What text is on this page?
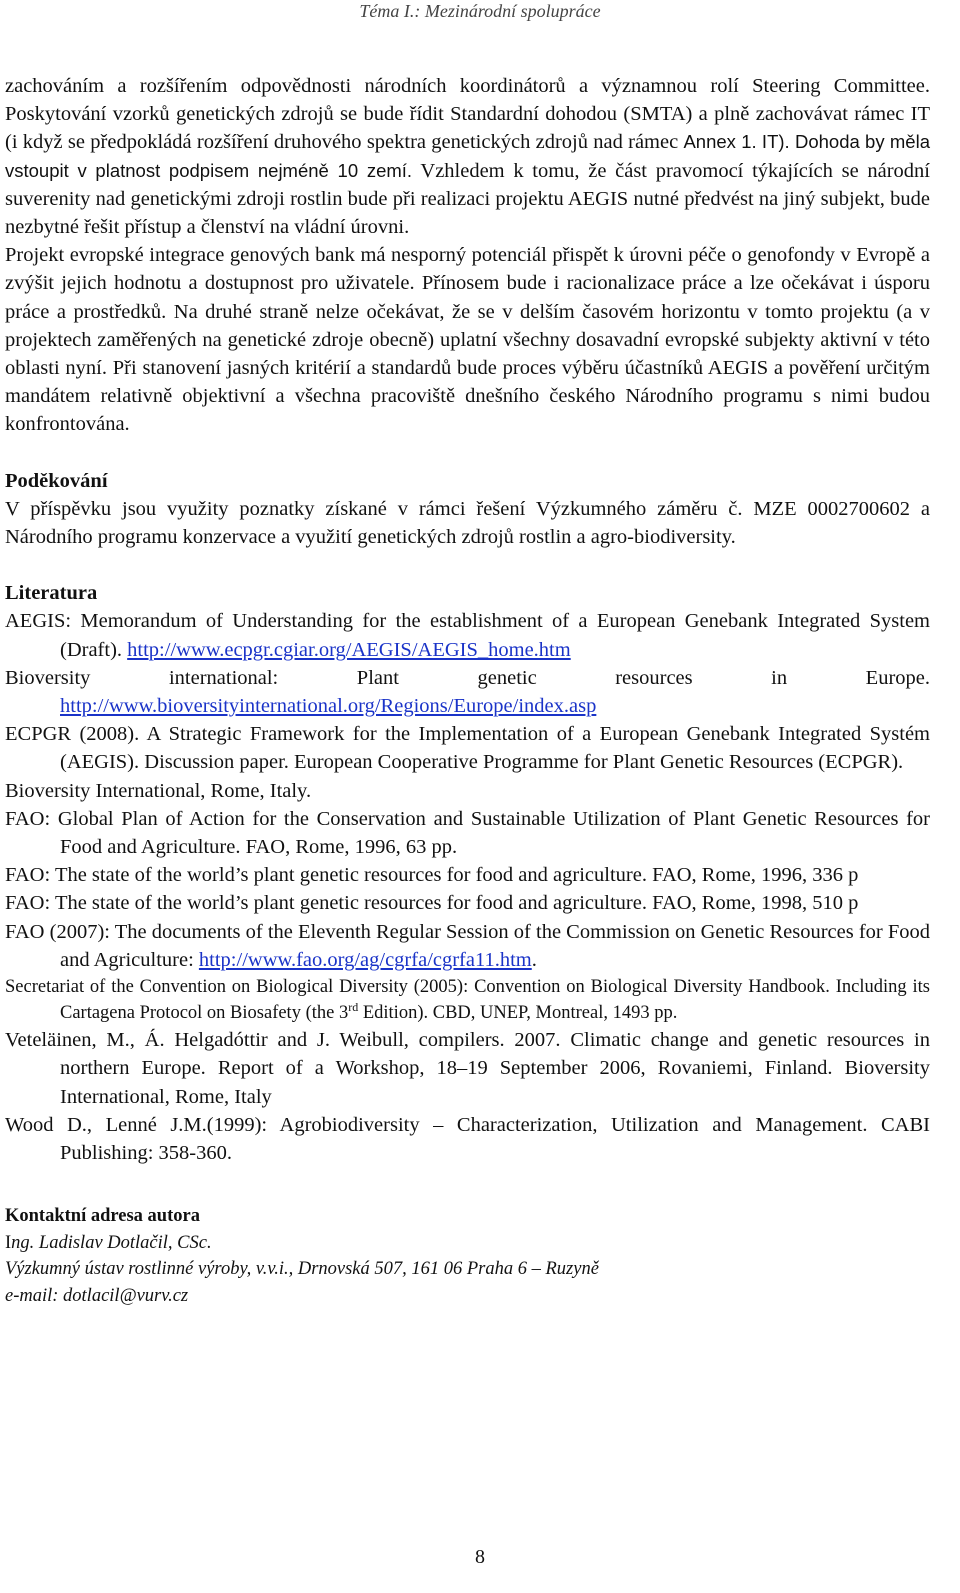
Téma I.: Mezinárodní spolupráce

zachováním a rozšířením odpovědnosti národních koordinátorů a významnou rolí Steering Committee. Poskytování vzorků genetických zdrojů se bude řídit Standardní dohodou (SMTA) a plně zachovávat rámec IT (i když se předpokládá rozšíření druhového spektra genetických zdrojů nad rámec Annex 1. IT). Dohoda by měla vstoupit v platnost podpisem nejméně 10 zemí. Vzhledem k tomu, že část pravomocí týkajících se národní suverenity nad genetickými zdroji rostlin bude při realizaci projektu AEGIS nutné předvést na jiný subjekt, bude nezbytné řešit přístup a členství na vládní úrovni.

Projekt evropské integrace genových bank má nesporný potenciál přispět k úrovni péče o genofondy v Evropě a zvýšit jejich hodnotu a dostupnost pro uživatele. Přínosem bude i racionalizace práce a lze očekávat i úsporu práce a prostředků. Na druhé straně nelze očekávat, že se v delším časovém horizontu v tomto projektu (a v projektech zaměřených na genetické zdroje obecně) uplatní všechny dosavadní evropské subjekty aktivní v této oblasti nyní. Při stanovení jasných kritérií a standardů bude proces výběru účastníků AEGIS a pověření určitým mandátem relativně objektivní a všechna pracoviště dnešního českého Národního programu s nimi budou konfrontována.

Poděkování

V příspěvku jsou využity poznatky získané v rámci řešení Výzkumného záměru č. MZE 0002700602 a Národního programu konzervace a využití genetických zdrojů rostlin a agro-biodiversity.

Literatura

AEGIS: Memorandum of Understanding for the establishment of a European Genebank Integrated System (Draft). http://www.ecpgr.cgiar.org/AEGIS/AEGIS_home.htm

Bioversity international: Plant genetic resources in Europe. http://www.bioversityinternational.org/Regions/Europe/index.asp

ECPGR (2008). A Strategic Framework for the Implementation of a European Genebank Integrated Systém (AEGIS). Discussion paper. European Cooperative Programme for Plant Genetic Resources (ECPGR).

Bioversity International, Rome, Italy.

FAO: Global Plan of Action for the Conservation and Sustainable Utilization of Plant Genetic Resources for Food and Agriculture. FAO, Rome, 1996, 63 pp.

FAO: The state of the world’s plant genetic resources for food and agriculture. FAO, Rome, 1996, 336 p

FAO: The state of the world’s plant genetic resources for food and agriculture. FAO, Rome, 1998, 510 p

FAO (2007): The documents of the Eleventh Regular Session of the Commission on Genetic Resources for Food and Agriculture: http://www.fao.org/ag/cgrfa/cgrfa11.htm.

Secretariat of the Convention on Biological Diversity (2005): Convention on Biological Diversity Handbook. Including its Cartagena Protocol on Biosafety (the 3rd Edition). CBD, UNEP, Montreal, 1493 pp.

Veteläinen, M., Á. Helgadóttir and J. Weibull, compilers. 2007. Climatic change and genetic resources in northern Europe. Report of a Workshop, 18–19 September 2006, Rovaniemi, Finland. Bioversity International, Rome, Italy

Wood D., Lenné J.M.(1999): Agrobiodiversity – Characterization, Utilization and Management. CABI Publishing: 358-360.

Kontaktní adresa autora
Ing. Ladislav Dotlačil, CSc.
Výzkumný ústav rostlinné výroby, v.v.i., Drnovská 507, 161 06 Praha 6 – Ruzyně
e-mail: dotlacil@vurv.cz
8
